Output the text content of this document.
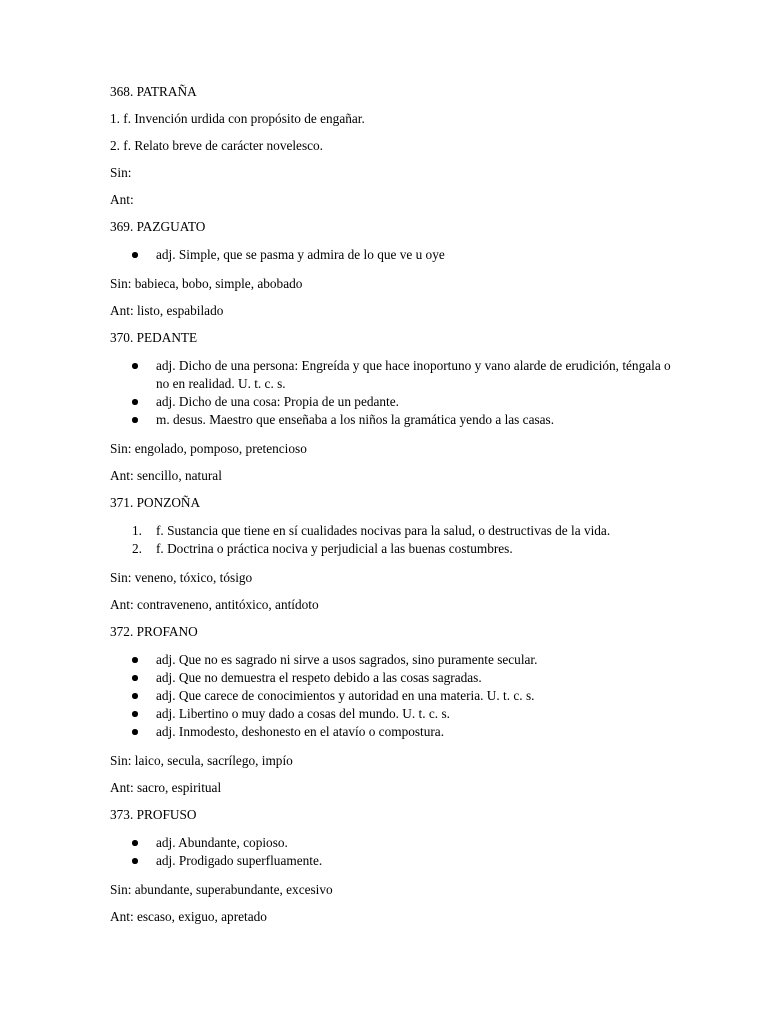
368. PATRAÑA

1. f. Invención urdida con propósito de engañar.

2. f. Relato breve de carácter novelesco.

Sin:

Ant:

369. PAZGUATO

adj. Simple, que se pasma y admira de lo que ve u oye

Sin: babieca, bobo, simple, abobado

Ant: listo, espabilado

370. PEDANTE

adj. Dicho de una persona: Engreída y que hace inoportuno y vano alarde de erudición, téngala o no en realidad. U. t. c. s.
adj. Dicho de una cosa: Propia de un pedante.
m. desus. Maestro que enseñaba a los niños la gramática yendo a las casas.

Sin: engolado, pomposo, pretencioso

Ant: sencillo, natural

371. PONZOÑA

1. f. Sustancia que tiene en sí cualidades nocivas para la salud, o destructivas de la vida.
2. f. Doctrina o práctica nociva y perjudicial a las buenas costumbres.

Sin: veneno, tóxico, tósigo

Ant: contraveneno, antitóxico, antídoto

372. PROFANO

adj. Que no es sagrado ni sirve a usos sagrados, sino puramente secular.
adj. Que no demuestra el respeto debido a las cosas sagradas.
adj. Que carece de conocimientos y autoridad en una materia. U. t. c. s.
adj. Libertino o muy dado a cosas del mundo. U. t. c. s.
adj. Inmodesto, deshonesto en el atavío o compostura.

Sin: laico, secula, sacrílego, impío

Ant: sacro, espiritual

373. PROFUSO

adj. Abundante, copioso.
adj. Prodigado superfluamente.

Sin: abundante, superabundante, excesivo

Ant: escaso, exiguo, apretado
